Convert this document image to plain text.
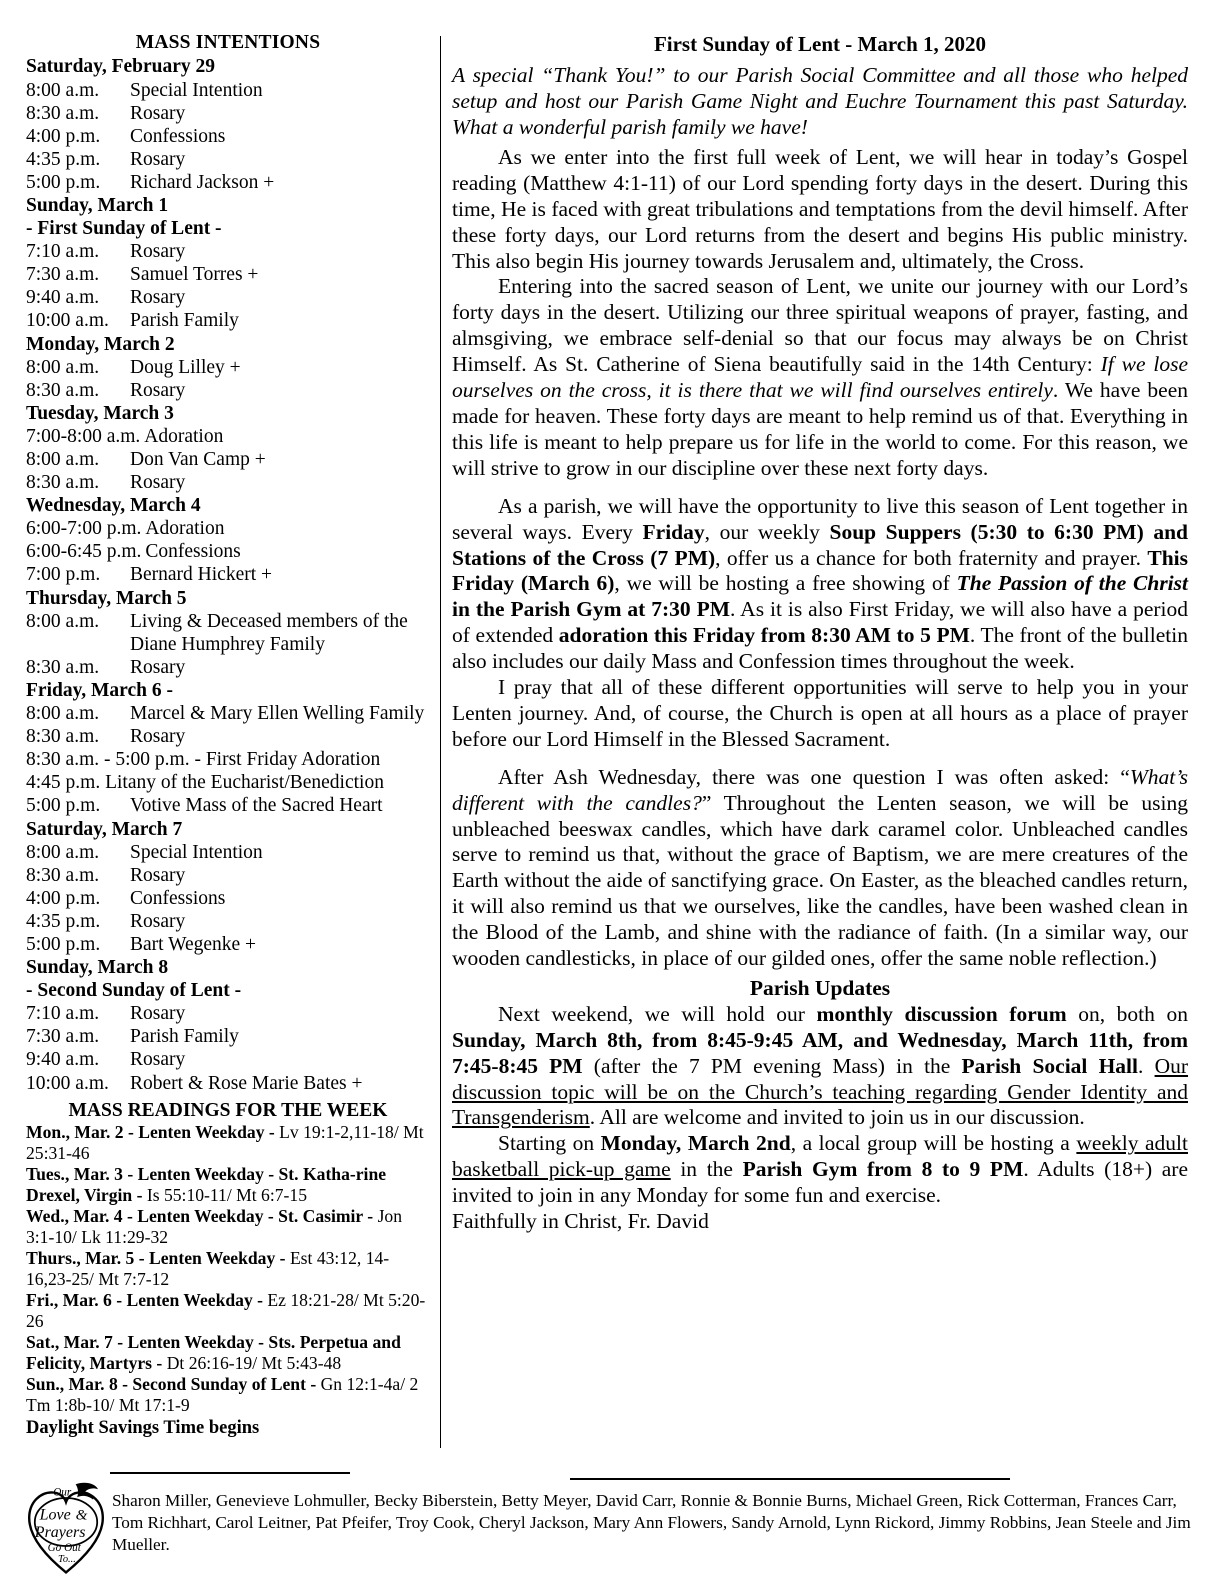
MASS INTENTIONS
Saturday, February 29
8:00 a.m.	Special Intention
8:30 a.m.	Rosary
4:00 p.m.	Confessions
4:35 p.m.	Rosary
5:00 p.m.	Richard Jackson +
Sunday, March 1
- First Sunday of Lent -
7:10 a.m.	Rosary
7:30 a.m.	Samuel Torres +
9:40 a.m.	Rosary
10:00 a.m.	Parish Family
Monday, March 2
8:00 a.m.	Doug Lilley +
8:30 a.m.	Rosary
Tuesday, March 3
7:00-8:00 a.m. Adoration
8:00 a.m.	Don Van Camp +
8:30 a.m.	Rosary
Wednesday, March 4
6:00-7:00 p.m. Adoration
6:00-6:45 p.m. Confessions
7:00 p.m.	Bernard Hickert +
Thursday, March 5
8:00 a.m.	Living & Deceased members of the
Diane Humphrey Family
8:30 a.m.	Rosary
Friday, March 6 -
8:00 a.m.	Marcel & Mary Ellen Welling Family
8:30 a.m.	Rosary
8:30 a.m. - 5:00 p.m. - First Friday Adoration
4:45 p.m. Litany of the Eucharist/Benediction
5:00 p.m.	Votive Mass of the Sacred Heart
Saturday, March 7
8:00 a.m.	Special Intention
8:30 a.m.	Rosary
4:00 p.m.	Confessions
4:35 p.m.	Rosary
5:00 p.m.	Bart Wegenke +
Sunday, March 8
- Second Sunday of Lent -
7:10 a.m.	Rosary
7:30 a.m.	Parish Family
9:40 a.m.	Rosary
10:00 a.m.	Robert & Rose Marie Bates +
MASS READINGS FOR THE WEEK

Mon., Mar. 2 - Lenten Weekday - Lv 19:1-2,11-18/ Mt 25:31-46

Tues., Mar. 3 - Lenten Weekday - St. Katha-rine Drexel, Virgin - Is 55:10-11/ Mt 6:7-15

Wed., Mar. 4 - Lenten Weekday - St. Casimir - Jon 3:1-10/ Lk 11:29-32

Thurs., Mar. 5 - Lenten Weekday - Est 43:12, 14-16,23-25/ Mt 7:7-12

Fri., Mar. 6 - Lenten Weekday - Ez 18:21-28/ Mt 5:20-26

Sat., Mar. 7 - Lenten Weekday - Sts. Perpetua and Felicity, Martyrs - Dt 26:16-19/ Mt 5:43-48

Sun., Mar. 8 - Second Sunday of Lent - Gn 12:1-4a/ 2 Tm 1:8b-10/ Mt 17:1-9

Daylight Savings Time begins
First Sunday of Lent - March 1, 2020

A special “Thank You!” to our Parish Social Committee and all those who helped setup and host our Parish Game Night and Euchre Tournament this past Saturday. What a wonderful parish family we have!

As we enter into the first full week of Lent, we will hear in today’s Gospel reading (Matthew 4:1-11) of our Lord spending forty days in the desert. During this time, He is faced with great tribulations and temptations from the devil himself. After these forty days, our Lord returns from the desert and begins His public ministry. This also begin His journey towards Jerusalem and, ultimately, the Cross.

Entering into the sacred season of Lent, we unite our journey with our Lord’s forty days in the desert. Utilizing our three spiritual weapons of prayer, fasting, and almsgiving, we embrace self-denial so that our focus may always be on Christ Himself. As St. Catherine of Siena beautifully said in the 14th Century: If we lose ourselves on the cross, it is there that we will find ourselves entirely. We have been made for heaven. These forty days are meant to help remind us of that. Everything in this life is meant to help prepare us for life in the world to come. For this reason, we will strive to grow in our discipline over these next forty days.

As a parish, we will have the opportunity to live this season of Lent together in several ways. Every Friday, our weekly Soup Suppers (5:30 to 6:30 PM) and Stations of the Cross (7 PM), offer us a chance for both fraternity and prayer. This Friday (March 6), we will be hosting a free showing of The Passion of the Christ in the Parish Gym at 7:30 PM. As it is also First Friday, we will also have a period of extended adoration this Friday from 8:30 AM to 5 PM. The front of the bulletin also includes our daily Mass and Confession times throughout the week.

I pray that all of these different opportunities will serve to help you in your Lenten journey. And, of course, the Church is open at all hours as a place of prayer before our Lord Himself in the Blessed Sacrament.

After Ash Wednesday, there was one question I was often asked: “What’s different with the candles?” Throughout the Lenten season, we will be using unbleached beeswax candles, which have dark caramel color. Unbleached candles serve to remind us that, without the grace of Baptism, we are mere creatures of the Earth without the aide of sanctifying grace. On Easter, as the bleached candles return, it will also remind us that we ourselves, like the candles, have been washed clean in the Blood of the Lamb, and shine with the radiance of faith. (In a similar way, our wooden candlesticks, in place of our gilded ones, offer the same noble reflection.)

Parish Updates

Next weekend, we will hold our monthly discussion forum on, both on Sunday, March 8th, from 8:45-9:45 AM, and Wednesday, March 11th, from 7:45-8:45 PM (after the 7 PM evening Mass) in the Parish Social Hall. Our discussion topic will be on the Church’s teaching regarding Gender Identity and Transgenderism. All are welcome and invited to join us in our discussion.

Starting on Monday, March 2nd, a local group will be hosting a weekly adult basketball pick-up game in the Parish Gym from 8 to 9 PM. Adults (18+) are invited to join in any Monday for some fun and exercise.

Faithfully in Christ, Fr. David

Our
Love &
Prayers
Go Out
To...
Sharon Miller, Genevieve Lohmuller, Becky Biberstein, Betty Meyer, David Carr, Ronnie & Bonnie Burns, Michael Green, Rick Cotterman, Frances Carr, Tom Richhart, Carol Leitner, Pat Pfeifer, Troy Cook, Cheryl Jackson, Mary Ann Flowers, Sandy Arnold, Lynn Rickord, Jimmy Robbins, Jean Steele and Jim Mueller.
